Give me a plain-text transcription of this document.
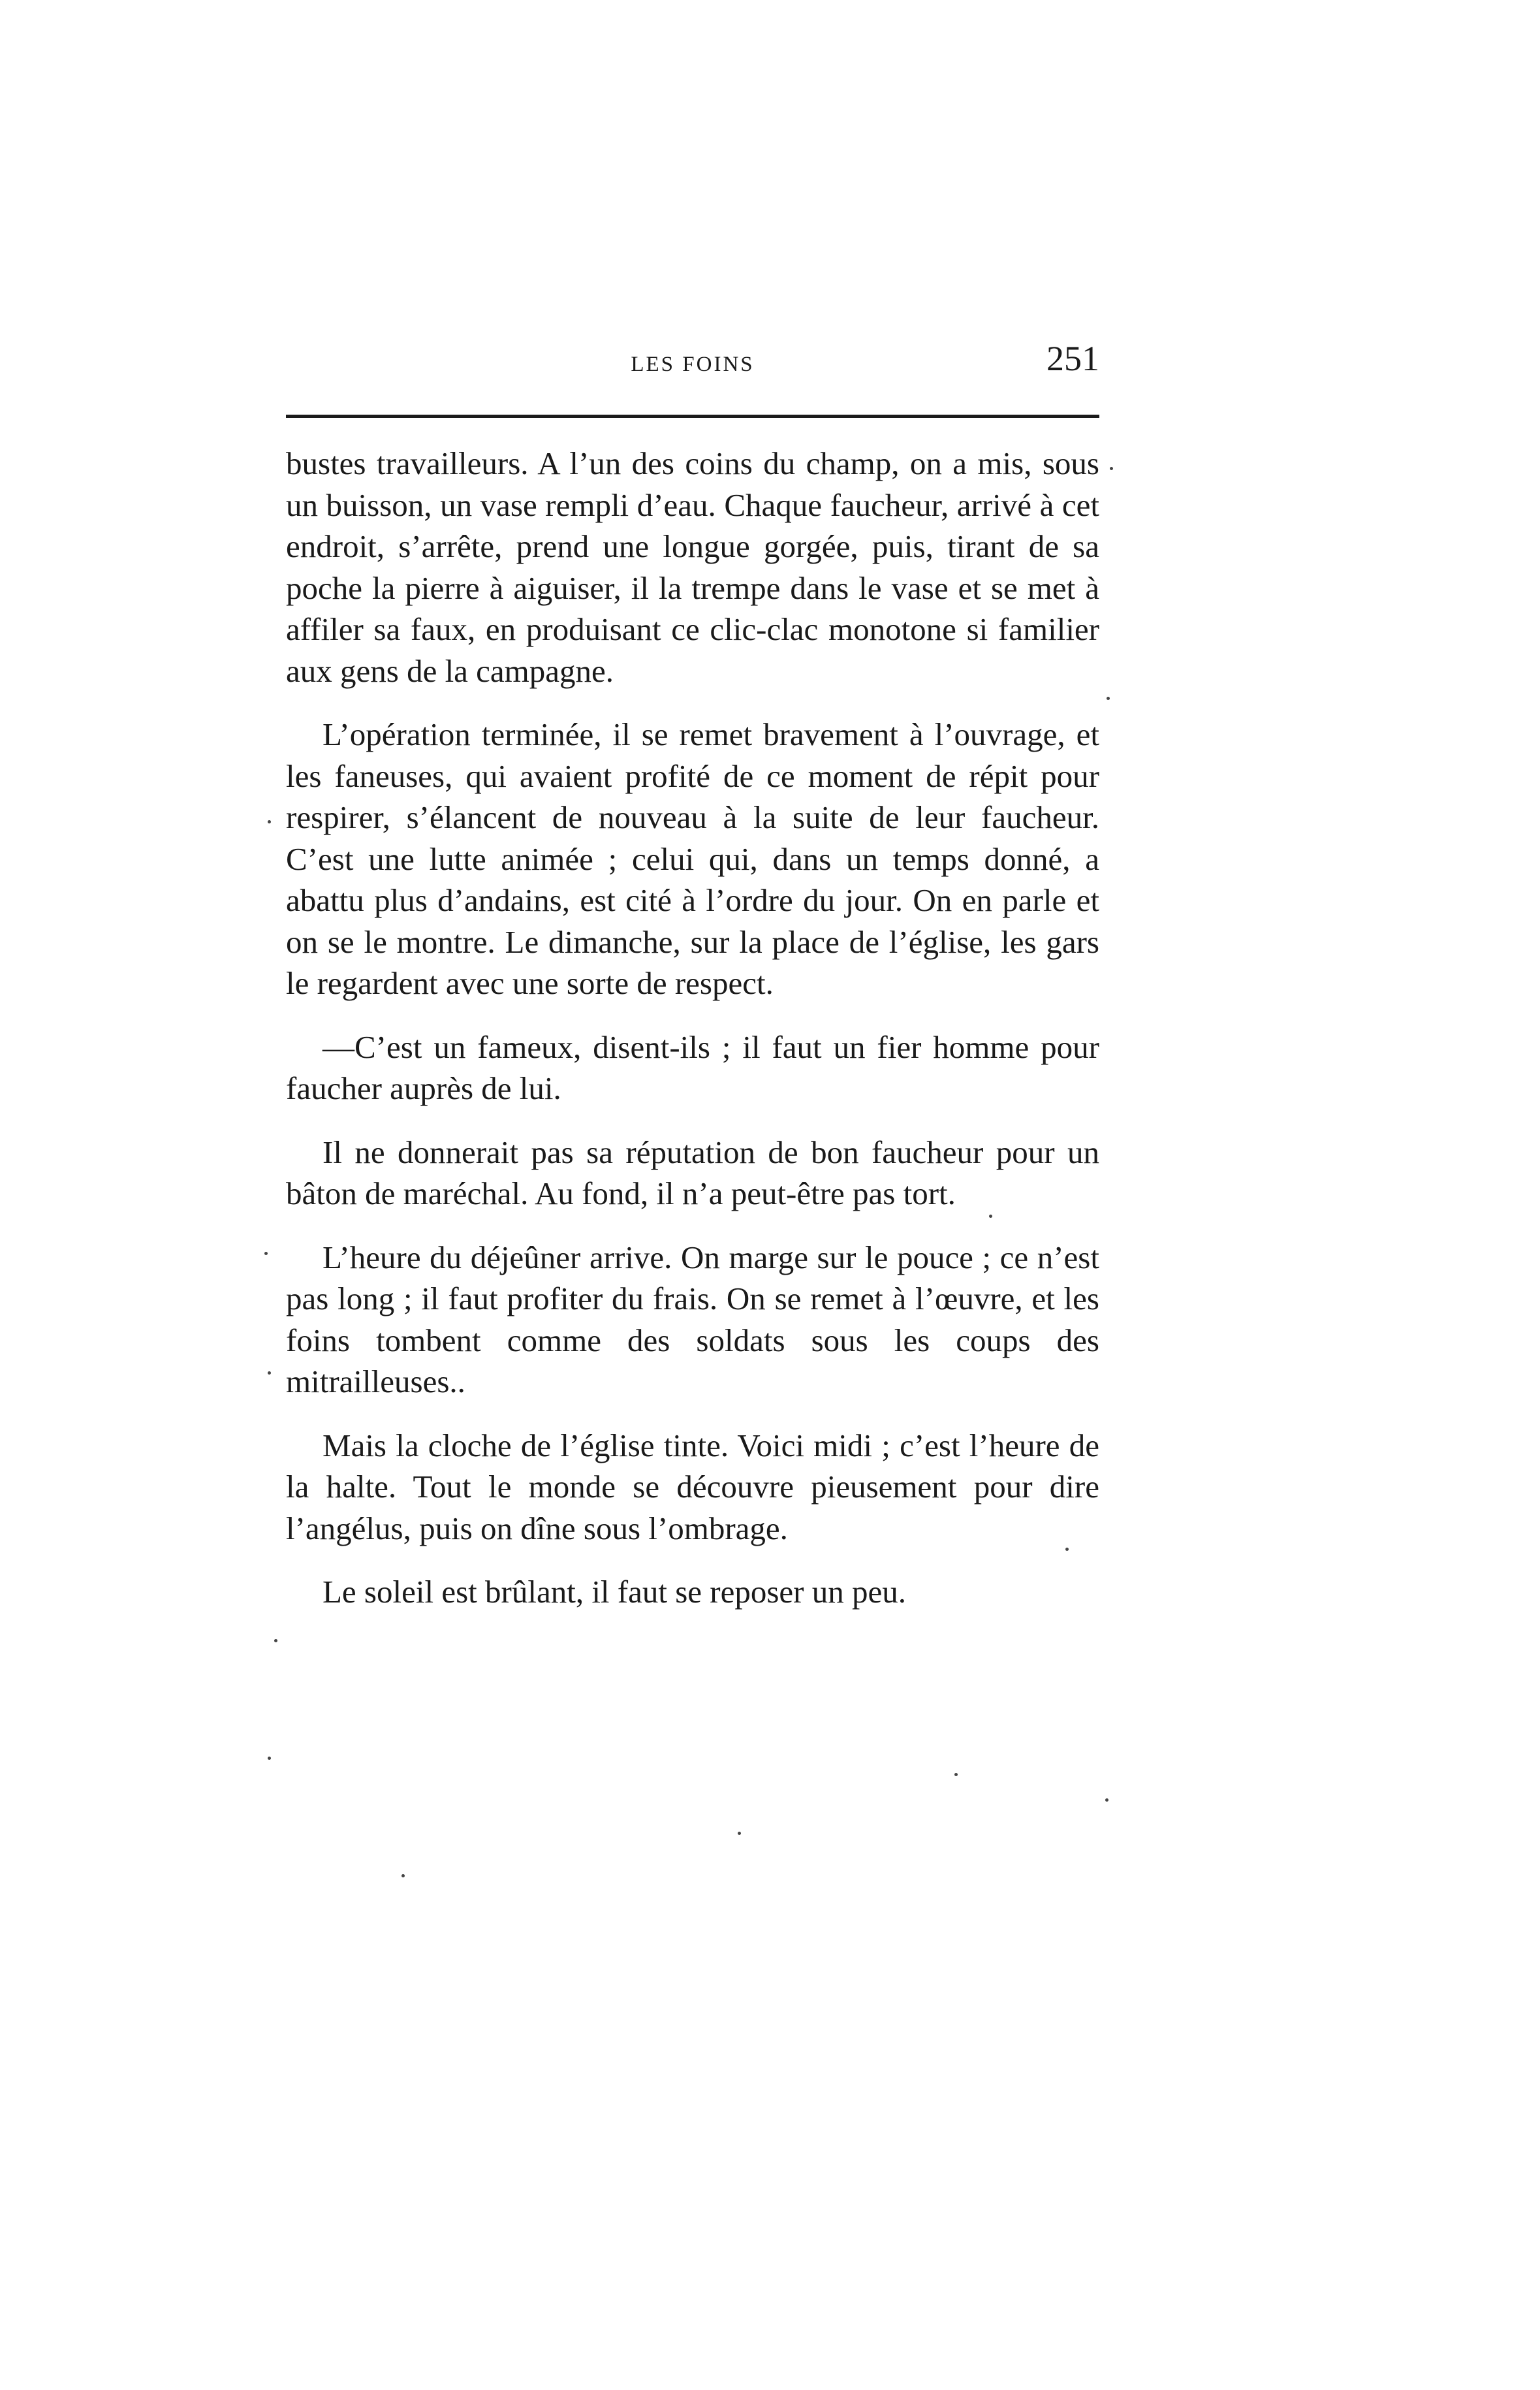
LES FOINS	251

bustes travailleurs. A l’un des coins du champ, on a mis, sous un buisson, un vase rempli d’eau. Chaque faucheur, arrivé à cet endroit, s’arrête, prend une longue gorgée, puis, tirant de sa poche la pierre à aiguiser, il la trempe dans le vase et se met à affiler sa faux, en produisant ce clic-clac monotone si familier aux gens de la campagne.

L’opération terminée, il se remet bravement à l’ouvrage, et les faneuses, qui avaient profité de ce moment de répit pour respirer, s’élancent de nouveau à la suite de leur faucheur. C’est une lutte animée ; celui qui, dans un temps donné, a abattu plus d’andains, est cité à l’ordre du jour. On en parle et on se le montre. Le dimanche, sur la place de l’église, les gars le regardent avec une sorte de respect.

—C’est un fameux, disent-ils ; il faut un fier homme pour faucher auprès de lui.

Il ne donnerait pas sa réputation de bon faucheur pour un bâton de maréchal. Au fond, il n’a peut-être pas tort.

L’heure du déjeûner arrive. On marge sur le pouce ; ce n’est pas long ; il faut profiter du frais. On se remet à l’œuvre, et les foins tombent comme des soldats sous les coups des mitrailleuses..

Mais la cloche de l’église tinte. Voici midi ; c’est l’heure de la halte. Tout le monde se découvre pieusement pour dire l’angélus, puis on dîne sous l’ombrage.

Le soleil est brûlant, il faut se reposer un peu.
